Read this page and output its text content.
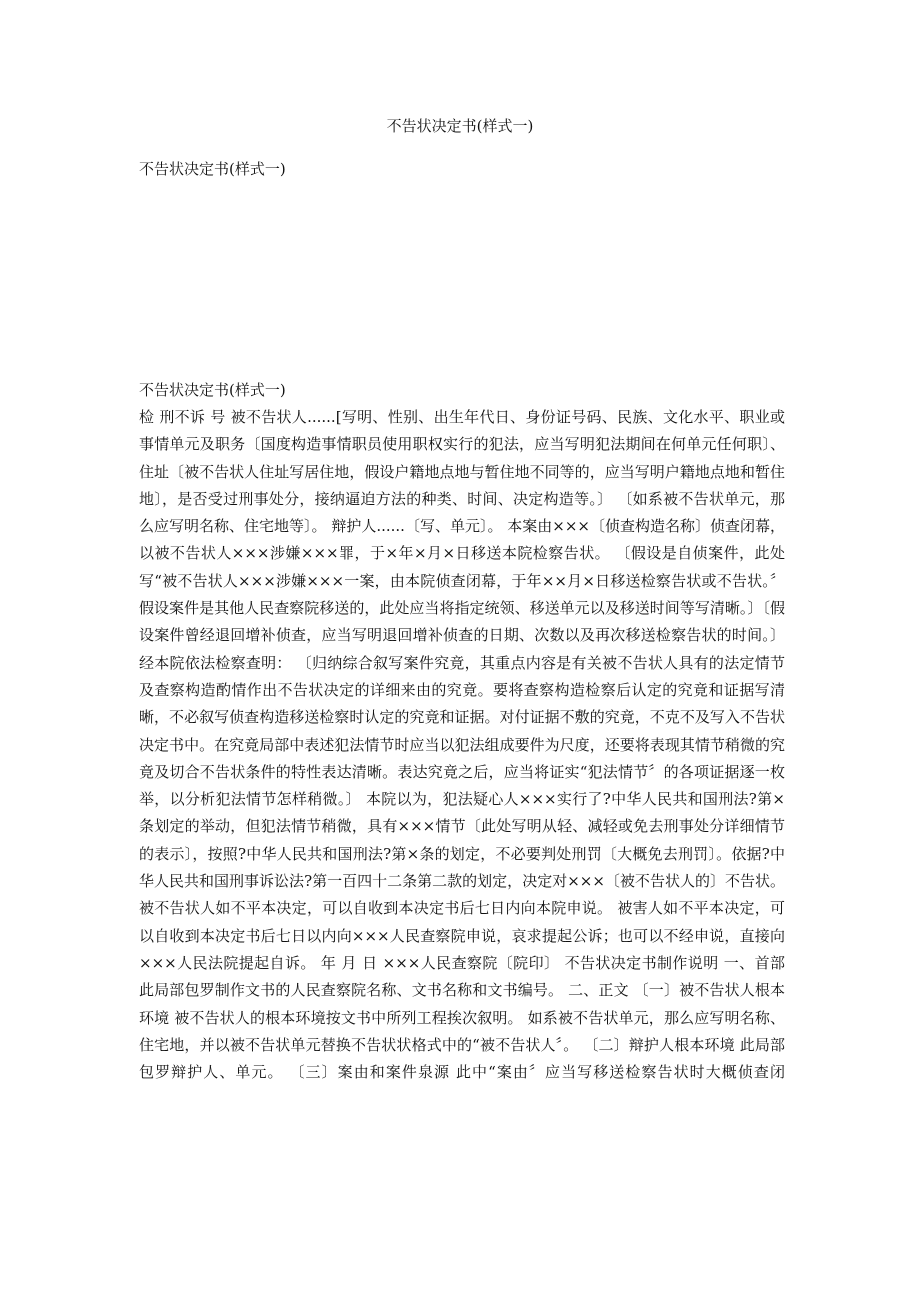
不告状决定书(样式一)
不告状决定书(样式一)
不告状决定书(样式一)
检 刑不诉 号 被不告状人......[写明、性别、出生年代日、身份证号码、民族、文化水平、职业或事情单元及职务〔国度构造事情职员使用职权实行的犯法，应当写明犯法期间在何单元任何职〕、住址〔被不告状人住址写居住地，假设户籍地点地与暂住地不同等的，应当写明户籍地点地和暂住地〕，是否受过刑事处分，接纳逼迫方法的种类、时间、决定构造等。〕 〔如系被不告状单元，那么应写明名称、住宅地等〕。 辩护人......〔写、单元〕。 本案由×××〔侦查构造名称〕侦查闭幕，以被不告状人×××涉嫌×××罪，于×年×月×日移送本院检察告状。 〔假设是自侦案件，此处写“被不告状人×××涉嫌×××一案，由本院侦查闭幕，于年××月×日移送检察告状或不告状。〞假设案件是其他人民查察院移送的，此处应当将指定统领、移送单元以及移送时间等写清晰。〕〔假设案件曾经退回增补侦查，应当写明退回增补侦查的日期、次数以及再次移送检察告状的时间。〕 经本院依法检察查明： 〔归纳综合叙写案件究竟，其重点内容是有关被不告状人具有的法定情节及查察构造酌情作出不告状决定的详细来由的究竟。要将查察构造检察后认定的究竟和证据写清晰，不必叙写侦查构造移送检察时认定的究竟和证据。对付证据不敷的究竟，不克不及写入不告状决定书中。在究竟局部中表述犯法情节时应当以犯法组成要件为尺度，还要将表现其情节稍微的究竟及切合不告状条件的特性表达清晰。表达究竟之后，应当将证实“犯法情节〞的各项证据逐一枚举，以分析犯法情节怎样稍微。〕 本院以为，犯法疑心人×××实行了?中华人民共和国刑法?第×条划定的举动，但犯法情节稍微，具有×××情节〔此处写明从轻、减轻或免去刑事处分详细情节的表示〕，按照?中华人民共和国刑法?第×条的划定，不必要判处刑罚〔大概免去刑罚〕。依据?中华人民共和国刑事诉讼法?第一百四十二条第二款的划定，决定对×××〔被不告状人的〕不告状。 被不告状人如不平本决定，可以自收到本决定书后七日内向本院申说。 被害人如不平本决定，可以自收到本决定书后七日以内向×××人民查察院申说，哀求提起公诉；也可以不经申说，直接向×××人民法院提起自诉。 年 月 日 ×××人民查察院〔院印〕 不告状决定书制作说明 一、首部 此局部包罗制作文书的人民查察院名称、文书名称和文书编号。 二、正文 〔一〕被不告状人根本环境 被不告状人的根本环境按文书中所列工程挨次叙明。 如系被不告状单元，那么应写明名称、住宅地，并以被不告状单元替换不告状状格式中的“被不告状人〞。 〔二〕辩护人根本环境 此局部包罗辩护人、单元。 〔三〕案由和案件泉源 此中“案由〞应当写移送检察告状时大概侦查闭
